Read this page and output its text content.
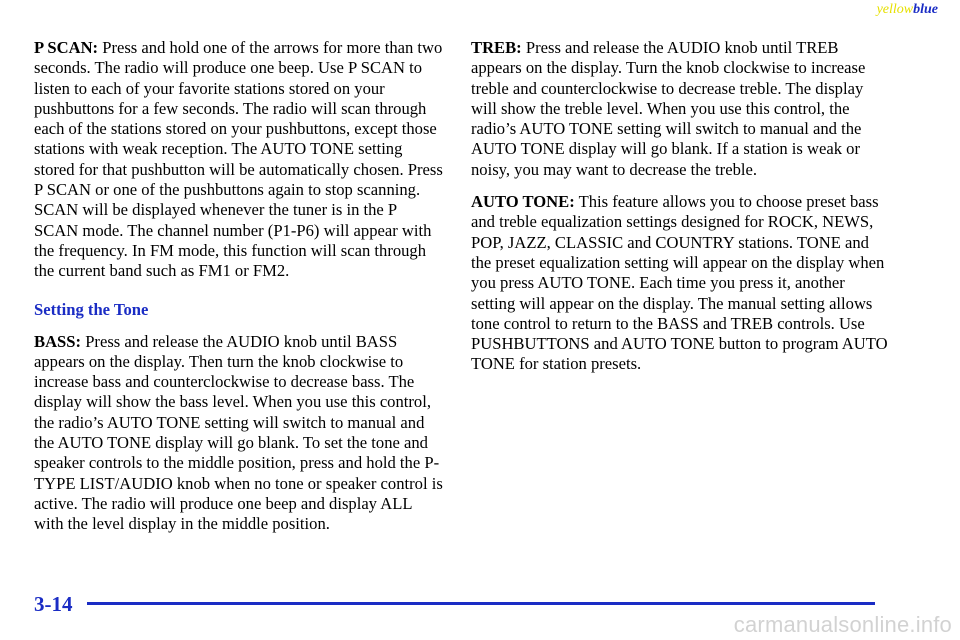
yellowblue

P SCAN: Press and hold one of the arrows for more than two seconds. The radio will produce one beep. Use P SCAN to listen to each of your favorite stations stored on your pushbuttons for a few seconds. The radio will scan through each of the stations stored on your pushbuttons, except those stations with weak reception. The AUTO TONE setting stored for that pushbutton will be automatically chosen. Press P SCAN or one of the pushbuttons again to stop scanning. SCAN will be displayed whenever the tuner is in the P SCAN mode. The channel number (P1-P6) will appear with the frequency. In FM mode, this function will scan through the current band such as FM1 or FM2.

Setting the Tone

BASS: Press and release the AUDIO knob until BASS appears on the display. Then turn the knob clockwise to increase bass and counterclockwise to decrease bass. The display will show the bass level. When you use this control, the radio’s AUTO TONE setting will switch to manual and the AUTO TONE display will go blank. To set the tone and speaker controls to the middle position, press and hold the P-TYPE LIST/AUDIO knob when no tone or speaker control is active. The radio will produce one beep and display ALL with the level display in the middle position.

TREB: Press and release the AUDIO knob until TREB appears on the display. Turn the knob clockwise to increase treble and counterclockwise to decrease treble. The display will show the treble level. When you use this control, the radio’s AUTO TONE setting will switch to manual and the AUTO TONE display will go blank. If a station is weak or noisy, you may want to decrease the treble.

AUTO TONE: This feature allows you to choose preset bass and treble equalization settings designed for ROCK, NEWS, POP, JAZZ, CLASSIC and COUNTRY stations. TONE and the preset equalization setting will appear on the display when you press AUTO TONE. Each time you press it, another setting will appear on the display. The manual setting allows tone control to return to the BASS and TREB controls. Use PUSHBUTTONS and AUTO TONE button to program AUTO TONE for station presets.

3-14
carmanualsonline.info
